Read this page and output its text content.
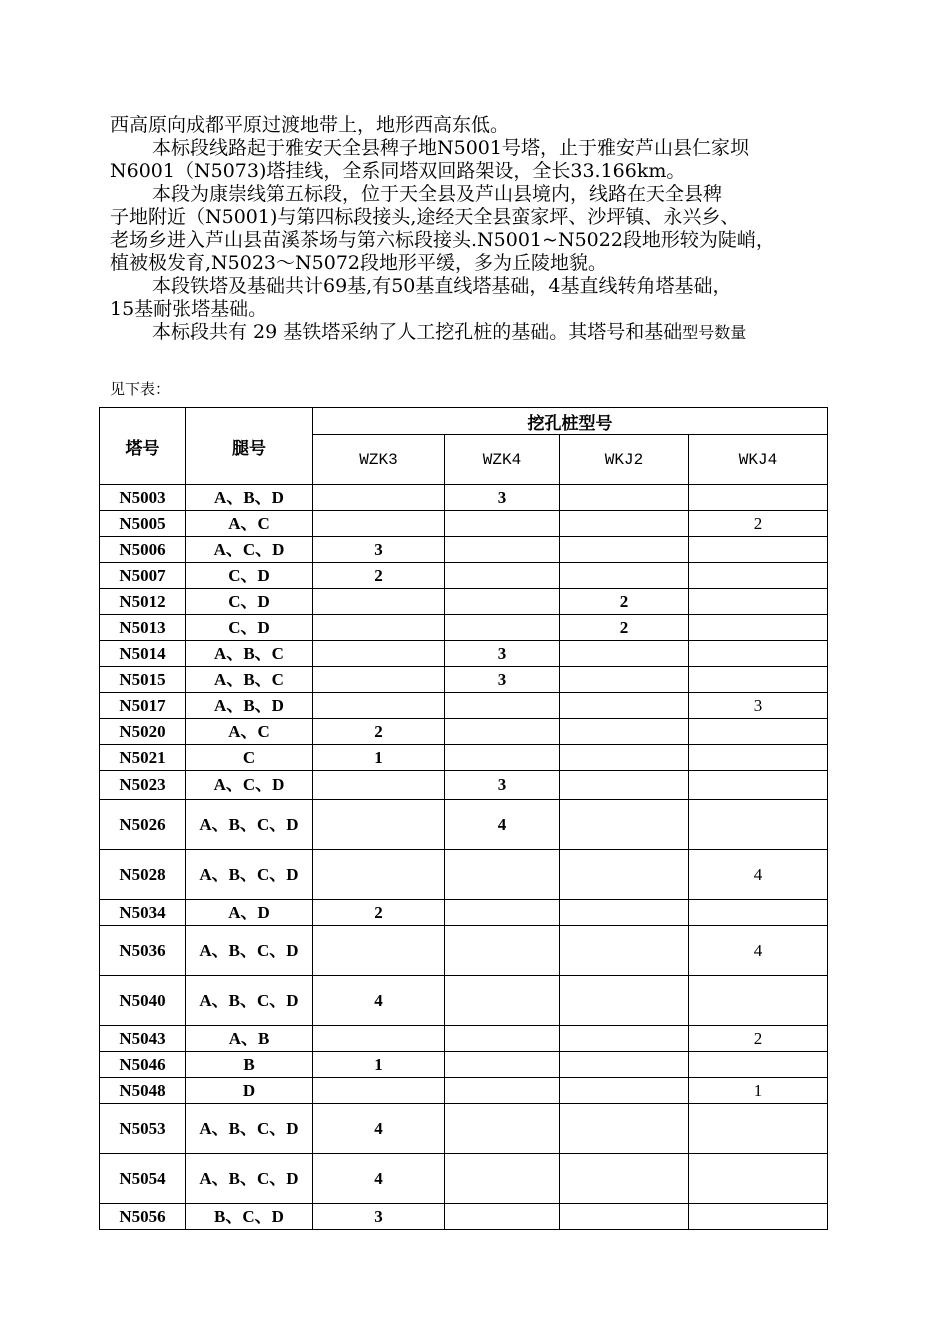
西高原向成都平原过渡地带上，地形西高东低。

本标段线路起于雅安天全县稗子地N5001号塔，止于雅安芦山县仁家坝

N6001（N5073)塔挂线，全系同塔双回路架设，全长33.166km。

本段为康崇线第五标段，位于天全县及芦山县境内，线路在天全县稗

子地附近（N5001)与第四标段接头,途经天全县蛮家坪、沙坪镇、永兴乡、

老场乡进入芦山县苗溪茶场与第六标段接头.N5001~N5022段地形较为陡峭，

植被极发育,N5023～N5072段地形平缓，多为丘陵地貌。

本段铁塔及基础共计69基,有50基直线塔基础，4基直线转角塔基础，

15基耐张塔基础。

本标段共有 29 基铁塔采纳了人工挖孔桩的基础。其塔号和基础型号数量

见下表：
塔号	腿号	挖孔桩型号			
		WZK3	WZK4	WKJ2	WKJ4
N5003	A、B、D		3		
N5005	A、C				2
N5006	A、C、D	3			
N5007	C、D	2			
N5012	C、D			2	
N5013	C、D			2	
N5014	A、B、C		3		
N5015	A、B、C		3		
N5017	A、B、D				3
N5020	A、C	2			
N5021	C	1			
N5023	A、C、D		3		
N5026	A、B、C、D		4		
N5028	A、B、C、D				4
N5034	A、D	2			
N5036	A、B、C、D				4
N5040	A、B、C、D	4			
N5043	A、B				2
N5046	B	1			
N5048	D				1
N5053	A、B、C、D	4			
N5054	A、B、C、D	4			
N5056	B、C、D	3			
